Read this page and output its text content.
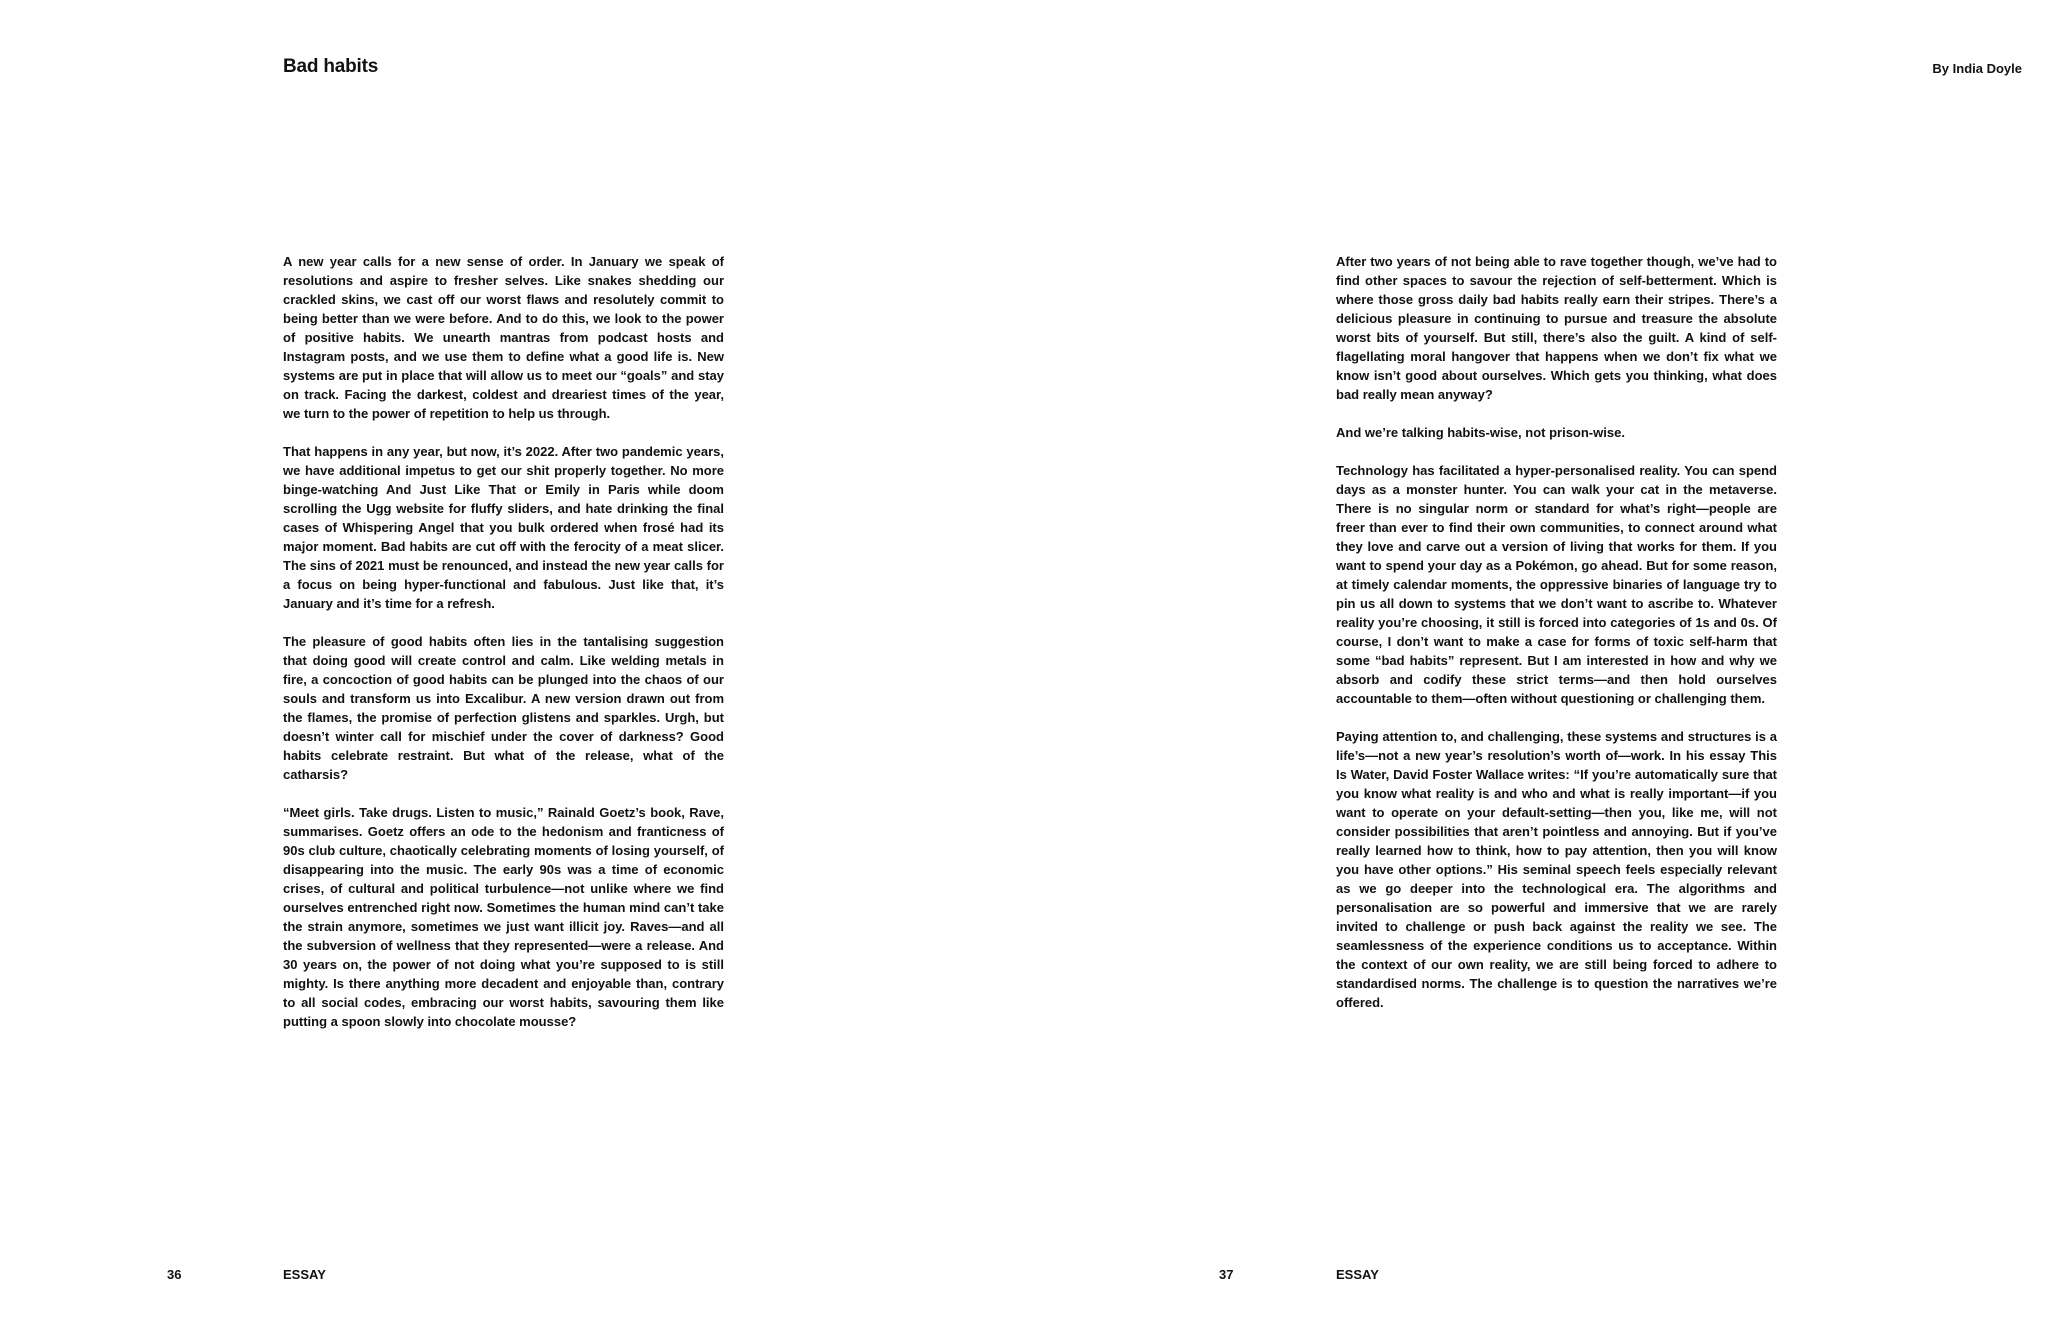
Bad habits

A new year calls for a new sense of order. In January we speak of resolutions and aspire to fresher selves. Like snakes shedding our crackled skins, we cast off our worst flaws and resolutely commit to being better than we were before. And to do this, we look to the power of positive habits. We unearth mantras from podcast hosts and Instagram posts, and we use them to define what a good life is. New systems are put in place that will allow us to meet our “goals” and stay on track. Facing the darkest, coldest and dreariest times of the year, we turn to the power of repetition to help us through.

That happens in any year, but now, it’s 2022. After two pandemic years, we have additional impetus to get our shit properly together. No more binge-watching And Just Like That or Emily in Paris while doom scrolling the Ugg website for fluffy sliders, and hate drinking the final cases of Whispering Angel that you bulk ordered when frosé had its major moment. Bad habits are cut off with the ferocity of a meat slicer. The sins of 2021 must be renounced, and instead the new year calls for a focus on being hyper-functional and fabulous. Just like that, it’s January and it’s time for a refresh.

The pleasure of good habits often lies in the tantalising suggestion that doing good will create control and calm. Like welding metals in fire, a concoction of good habits can be plunged into the chaos of our souls and transform us into Excalibur. A new version drawn out from the flames, the promise of perfection glistens and sparkles. Urgh, but doesn’t winter call for mischief under the cover of darkness? Good habits celebrate restraint. But what of the release, what of the catharsis?

“Meet girls. Take drugs. Listen to music,” Rainald Goetz’s book, Rave, summarises. Goetz offers an ode to the hedonism and franticness of 90s club culture, chaotically celebrating moments of losing yourself, of disappearing into the music. The early 90s was a time of economic crises, of cultural and political turbulence—not unlike where we find ourselves entrenched right now. Sometimes the human mind can’t take the strain anymore, sometimes we just want illicit joy. Raves—and all the subversion of wellness that they represented—were a release. And 30 years on, the power of not doing what you’re supposed to is still mighty. Is there anything more decadent and enjoyable than, contrary to all social codes, embracing our worst habits, savouring them like putting a spoon slowly into chocolate mousse?

36	ESSAY
By India Doyle

After two years of not being able to rave together though, we’ve had to find other spaces to savour the rejection of self-betterment. Which is where those gross daily bad habits really earn their stripes. There’s a delicious pleasure in continuing to pursue and treasure the absolute worst bits of yourself. But still, there’s also the guilt. A kind of self-flagellating moral hangover that happens when we don’t fix what we know isn’t good about ourselves. Which gets you thinking, what does bad really mean anyway?

And we’re talking habits-wise, not prison-wise.

Technology has facilitated a hyper-personalised reality. You can spend days as a monster hunter. You can walk your cat in the metaverse. There is no singular norm or standard for what’s right—people are freer than ever to find their own communities, to connect around what they love and carve out a version of living that works for them. If you want to spend your day as a Pokémon, go ahead. But for some reason, at timely calendar moments, the oppressive binaries of language try to pin us all down to systems that we don’t want to ascribe to. Whatever reality you’re choosing, it still is forced into categories of 1s and 0s. Of course, I don’t want to make a case for forms of toxic self-harm that some “bad habits” represent. But I am interested in how and why we absorb and codify these strict terms—and then hold ourselves accountable to them—often without questioning or challenging them.

Paying attention to, and challenging, these systems and structures is a life’s—not a new year’s resolution’s worth of—work. In his essay This Is Water, David Foster Wallace writes: “If you’re automatically sure that you know what reality is and who and what is really important—if you want to operate on your default-setting—then you, like me, will not consider possibilities that aren’t pointless and annoying. But if you’ve really learned how to think, how to pay attention, then you will know you have other options.” His seminal speech feels especially relevant as we go deeper into the technological era. The algorithms and personalisation are so powerful and immersive that we are rarely invited to challenge or push back against the reality we see. The seamlessness of the experience conditions us to acceptance. Within the context of our own reality, we are still being forced to adhere to standardised norms. The challenge is to question the narratives we’re offered.

37	ESSAY
